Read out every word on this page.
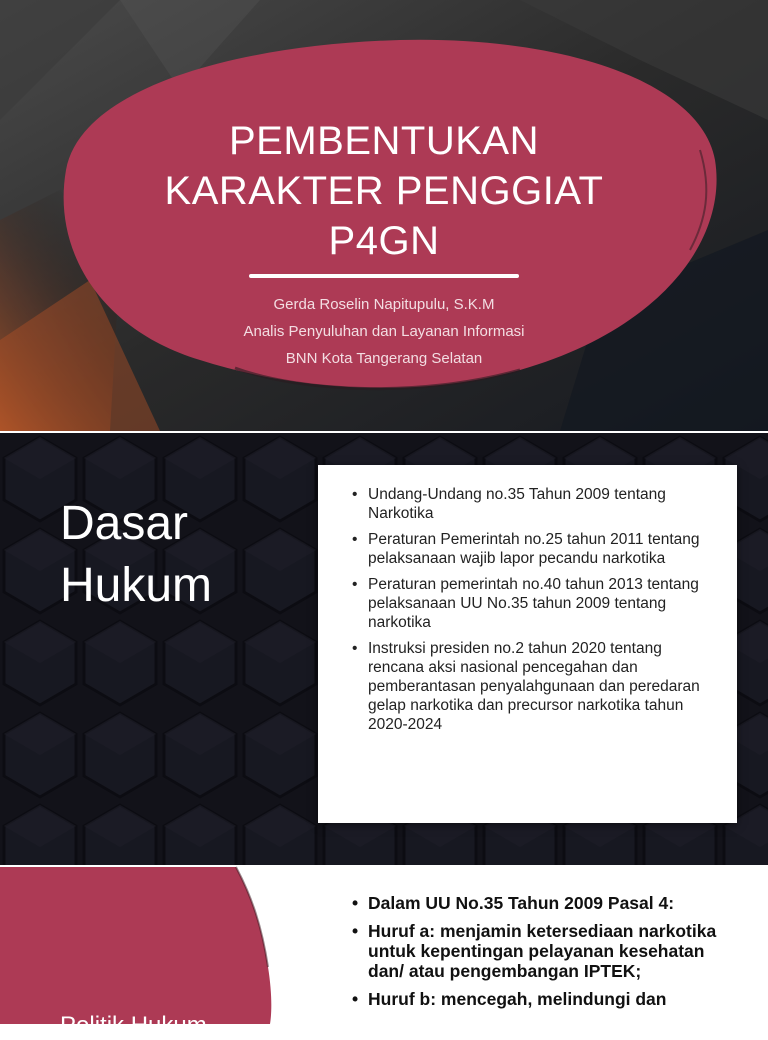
PEMBENTUKAN
KARAKTER PENGGIAT
P4GN
Gerda Roselin Napitupulu, S.K.M
Analis Penyuluhan dan Layanan Informasi
BNN Kota Tangerang Selatan
Dasar
Hukum
• Undang-Undang no.35 Tahun 2009 tentang Narkotika
• Peraturan Pemerintah no.25 tahun 2011 tentang pelaksanaan wajib lapor pecandu narkotika
• Peraturan pemerintah no.40 tahun 2013 tentang pelaksanaan UU No.35 tahun 2009 tentang narkotika
• Instruksi presiden no.2 tahun 2020 tentang rencana aksi nasional pencegahan dan pemberantasan penyalahgunaan dan peredaran gelap narkotika dan precursor narkotika tahun 2020-2024
Politik Hukum
• Dalam UU No.35 Tahun 2009 Pasal 4:
• Huruf a: menjamin ketersediaan narkotika untuk kepentingan pelayanan kesehatan dan/ atau pengembangan IPTEK;
• Huruf b: mencegah, melindungi dan
